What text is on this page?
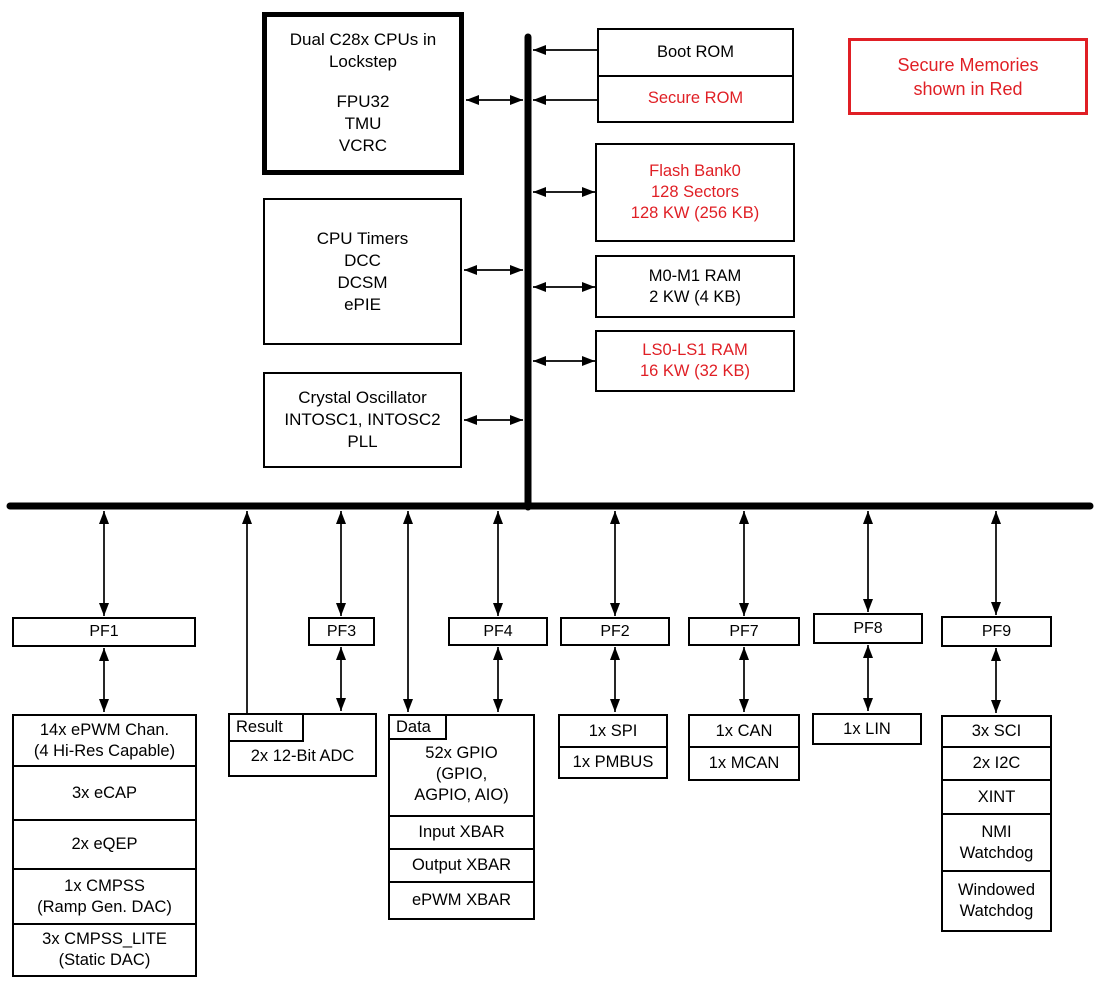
Dual C28x CPUs in
Lockstep
FPU32
TMU
VCRC
CPU Timers
DCC
DCSM
ePIE
Crystal Oscillator
INTOSC1, INTOSC2
PLL
Boot ROM
Secure ROM
Flash Bank0
128 Sectors
128 KW (256 KB)
M0-M1 RAM
2 KW (4 KB)
LS0-LS1 RAM
16 KW (32 KB)
Secure Memories
shown in Red
PF1	PF3	PF4	PF2	PF7	PF8	PF9
14x ePWM Chan.
(4 Hi-Res Capable)
3x eCAP
2x eQEP
1x CMPSS
(Ramp Gen. DAC)
3x CMPSS_LITE
(Static DAC)
Result
2x 12-Bit ADC
Data
52x GPIO
(GPIO,
AGPIO, AIO)
Input XBAR
Output XBAR
ePWM XBAR
1x SPI
1x PMBUS
1x CAN
1x MCAN
1x LIN	3x SCI
2x I2C
XINT
NMI
Watchdog
Windowed
Watchdog
